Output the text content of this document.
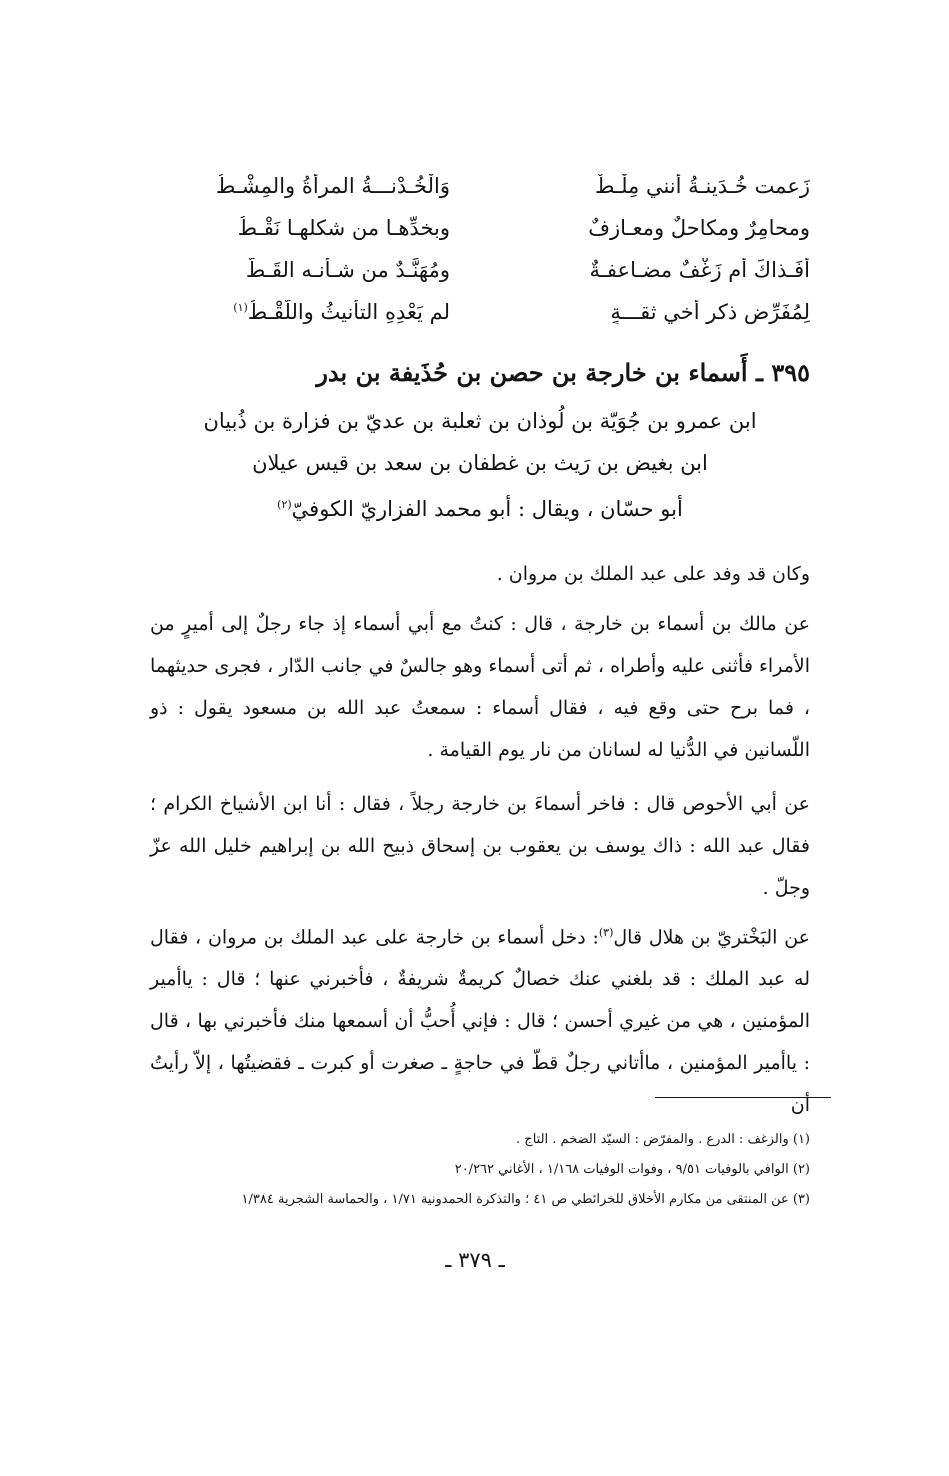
زَعمت خُـدَينـةُ أنني مِلْـطٌ
وَالْخُـدْنـــةُ المرأةُ والمِشْـطُ
ومحامِرٌ ومكاحلٌ ومعـازفٌ
وبخدِّهـا من شكلهـا نَقْـطُ
أفَـذاكَ أم زَغْفٌ مضـاعفـةٌ
ومُهَنَّـدٌ من شـأنـه القَـطُّ
لِمُفَرِّضٍ ذكرٍ أخي ثقـــةٍ
لم يَعْدِهِ التأنيثُ واللَّقْـطُ$^{(١)}$
٣٩٥ ـ أَسماء بن خارجة بن حصن بن حُذَيفة بن بدر
ابن عمرو بن جُوَيّة بن لُوذان بن ثعلبة بن عديّ بن فزارة بن ذُبيان
ابن بغيض بن رَيث بن غطفان بن سعد بن قيس عيلان
أبو حسّان ، ويقال : أبو محمد الفزاريّ الكوفيّ$^{(٢)}$

وكان قد وفد على عبد الملك بن مروان .

عن مالك بن أسماء بن خارجة ، قال : كنتُ مع أبي أسماء إذ جاء رجلٌ إلى أميرٍ من الأمراء فأثنى عليه وأطراه ، ثم أتى أسماء وهو جالسٌ في جانب الدّار ، فجرى حديثهما ، فما برح حتى وقع فيه ، فقال أسماء : سمعتُ عبد الله بن مسعود يقول : ذو اللّسانين في الدُّنيا له لسانان من نار يوم القيامة .

عن أبي الأحوص قال : فاخر أسماءَ بن خارجة رجلاً ، فقال : أنا ابن الأشياخ الكرام ؛ فقال عبد الله : ذاك يوسف بن يعقوب بن إسحاق ذبيح الله بن إبراهيم خليل الله عزّ وجلّ .

عن البَخْتريّ بن هلال قال$^{(٣)}$: دخل أسماء بن خارجة على عبد الملك بن مروان ، فقال له عبد الملك : قد بلغني عنك خصالٌ كريمةٌ شريفةٌ ، فأخبرني عنها ؛ قال : ياأمير المؤمنين ، هي من غيري أحسن ؛ قال : فإني أُحبُّ أن أسمعها منك فأخبرني بها ، قال : ياأمير المؤمنين ، ماأتاني رجلٌ قطّ في حاجةٍ ـ صغرت أو كبرت ـ فقضيتُها ، إلاّ رأيتُ أن

(١) والزغف : الدرع . والمفرّض : السيّد الضخم . التاج .
(٢) الوافي بالوفيات ٩/٥١ ، وفوات الوفيات ١/١٦٨ ، الأغاني ٢٠/٢٦٢
(٣) عن المنتقى من مكارم الأخلاق للخرائطي ص ٤١ ؛ والتذكرة الحمدونية ١/٧١ ، والحماسة الشجرية ١/٣٨٤
ـ ٣٧٩ ـ
